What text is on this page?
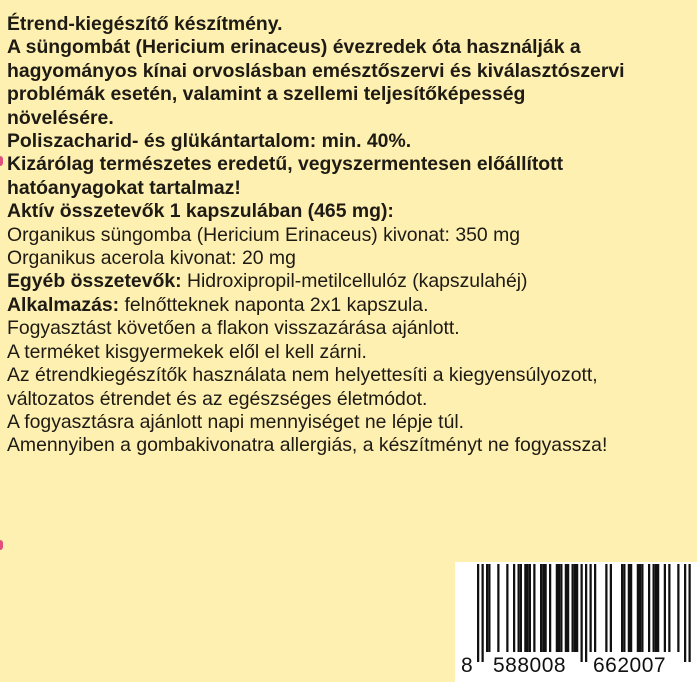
Étrend-kiegészítő készítmény.
A süngombát (Hericium erinaceus) évezredek óta használják a
hagyományos kínai orvoslásban emésztőszervi és kiválasztószervi
problémák esetén, valamint a szellemi teljesítőképesség
növelésére.
Poliszacharid- és glükántartalom: min. 40%.
Kizárólag természetes eredetű, vegyszermentesen előállított
hatóanyagokat tartalmaz!
Aktív összetevők 1 kapszulában (465 mg):
Organikus süngomba (Hericium Erinaceus) kivonat: 350 mg
Organikus acerola kivonat: 20 mg
Egyéb összetevők: Hidroxipropil-metilcellulóz (kapszulahéj)
Alkalmazás: felnőtteknek naponta 2x1 kapszula.
Fogyasztást követően a flakon visszazárása ajánlott.
A terméket kisgyermekek elől el kell zárni.
Az étrendkiegészítők használata nem helyettesíti a kiegyensúlyozott,
változatos étrendet és az egészséges életmódot.
A fogyasztásra ajánlott napi mennyiséget ne lépje túl.
Amennyiben a gombakivonatra allergiás, a készítményt ne fogyassza!
8 588008 662007
